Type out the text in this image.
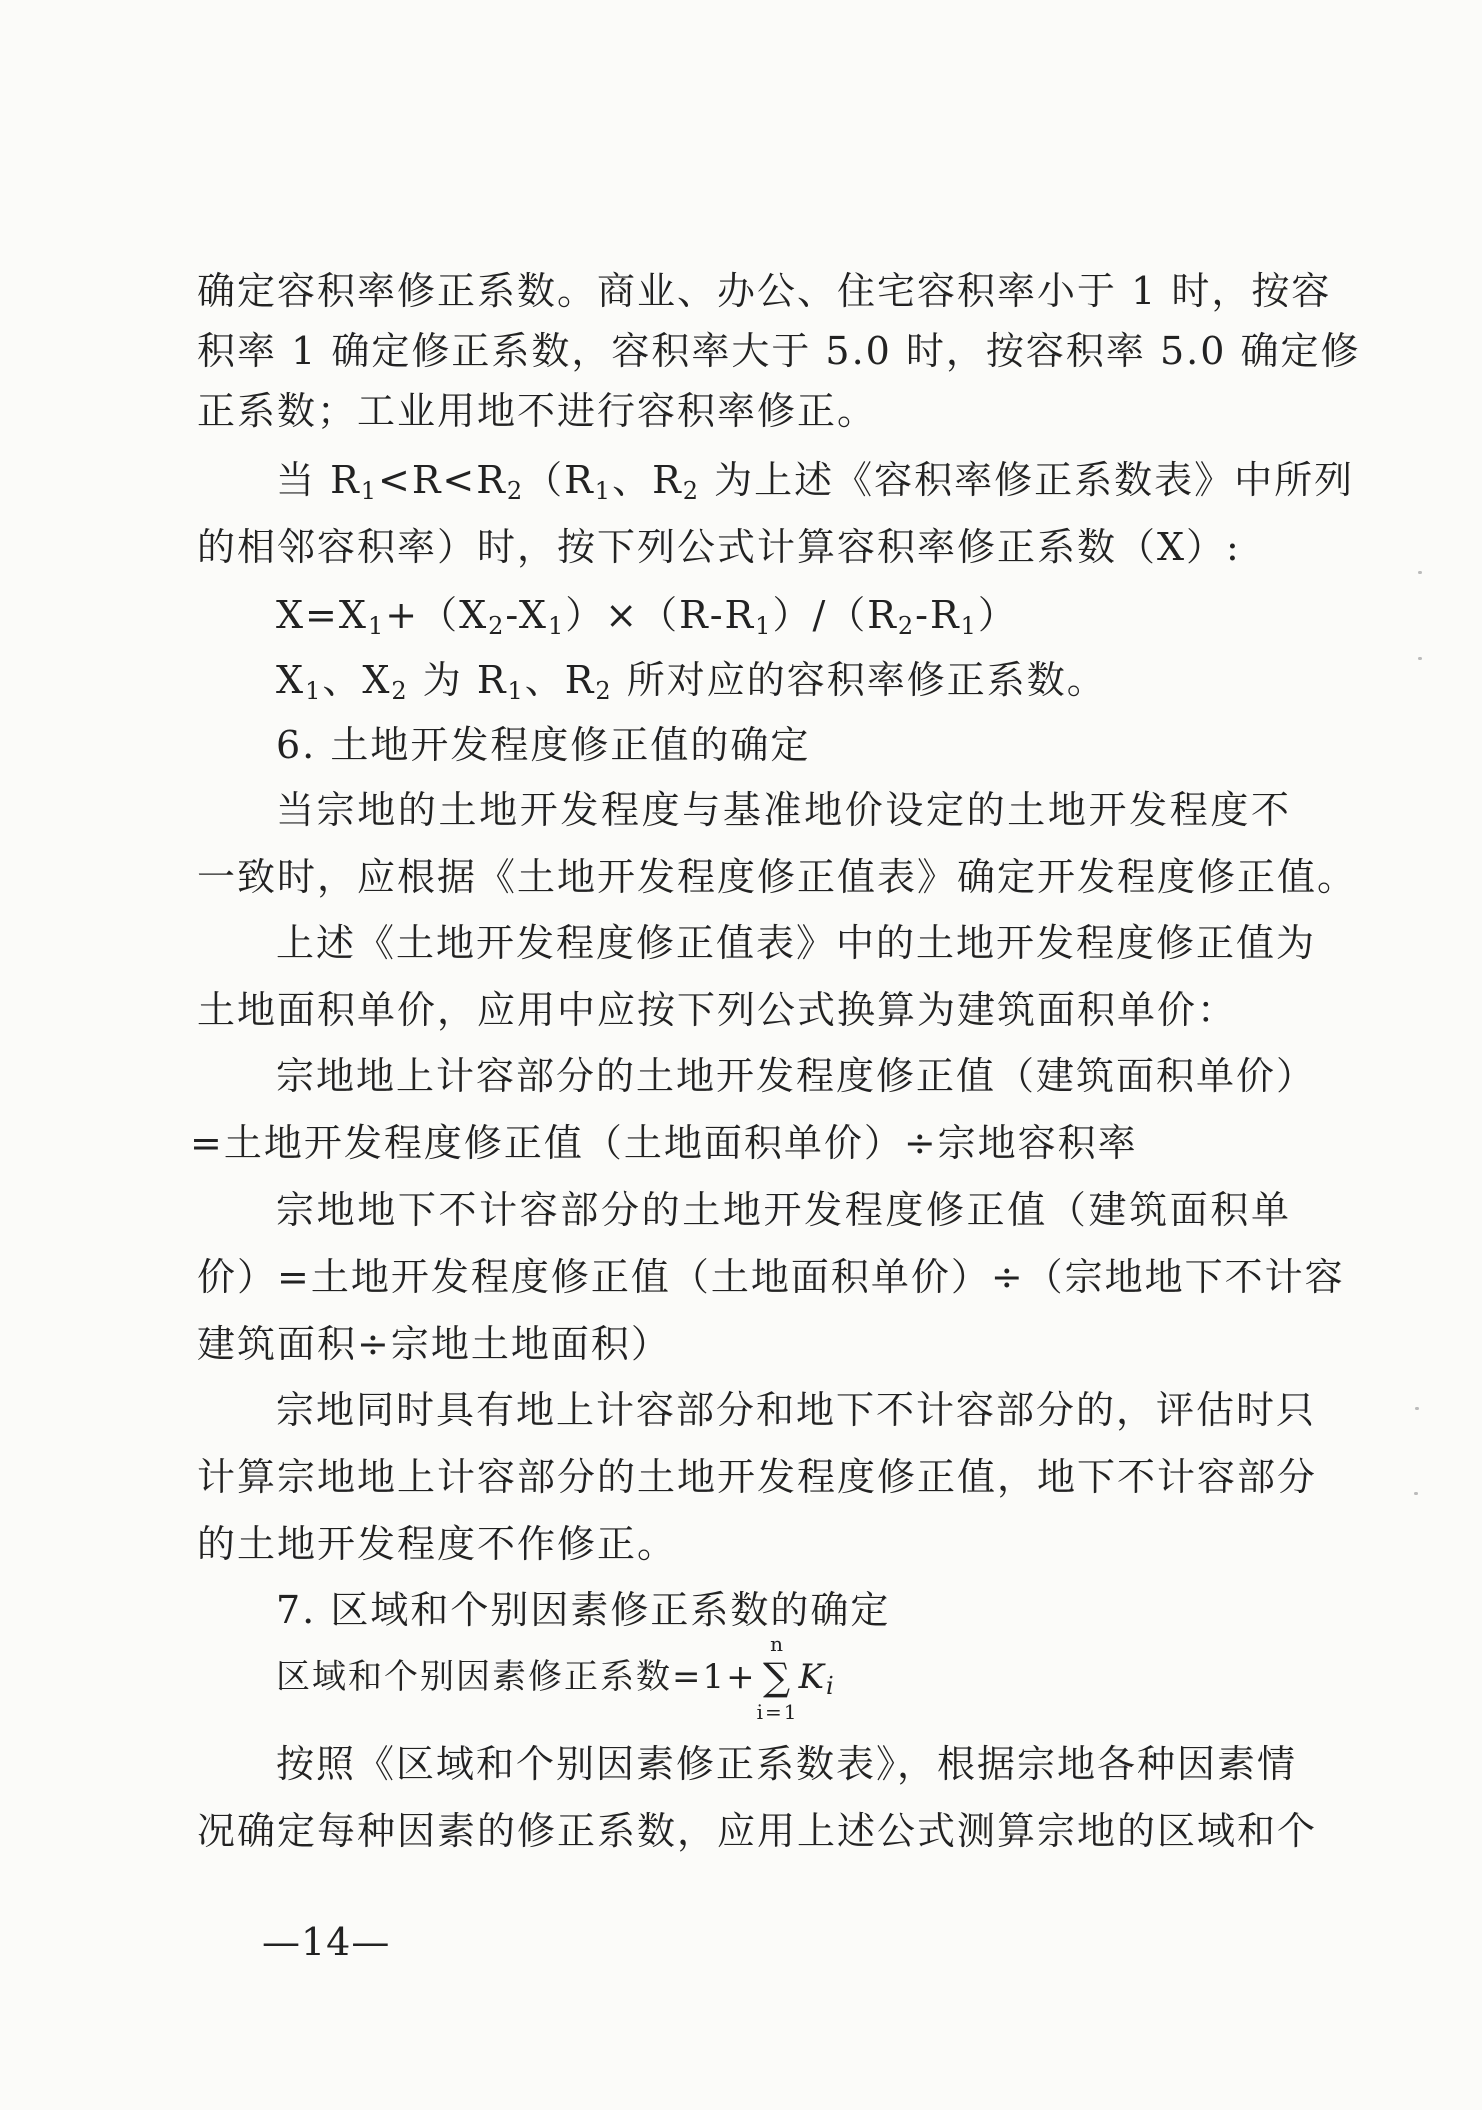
确定容积率修正系数。商业、办公、住宅容积率小于 1 时，按容
积率 1 确定修正系数，容积率大于 5.0 时，按容积率 5.0 确定修
正系数；工业用地不进行容积率修正。
当 $R_1<R<R_2(R_1$、$R_2$ 为上述《容积率修正系数表》中所列
的相邻容积率）时，按下列公式计算容积率修正系数（X）:
$X=X_1+(X_2-X_1)\times(R-R_1)/(R_2-R_1)$
$X_1$、$X_2$ 为 $R_1$、$R_2$ 所对应的容积率修正系数。
6. 土地开发程度修正值的确定
当宗地的土地开发程度与基准地价设定的土地开发程度不
一致时，应根据《土地开发程度修正值表》确定开发程度修正值。
上述《土地开发程度修正值表》中的土地开发程度修正值为
土地面积单价，应用中应按下列公式换算为建筑面积单价：
宗地地上计容部分的土地开发程度修正值（建筑面积单价）
=土地开发程度修正值（土地面积单价）÷宗地容积率
宗地地下不计容部分的土地开发程度修正值（建筑面积单
价）=土地开发程度修正值（土地面积单价）÷（宗地地下不计容
建筑面积÷宗地土地面积）
宗地同时具有地上计容部分和地下不计容部分的，评估时只
计算宗地地上计容部分的土地开发程度修正值，地下不计容部分
的土地开发程度不作修正。
7. 区域和个别因素修正系数的确定
区域和个别因素修正系数=1+
n
∑
i=1
$K_i$
按照《区域和个别因素修正系数表》，根据宗地各种因素情
况确定每种因素的修正系数，应用上述公式测算宗地的区域和个
—14—
